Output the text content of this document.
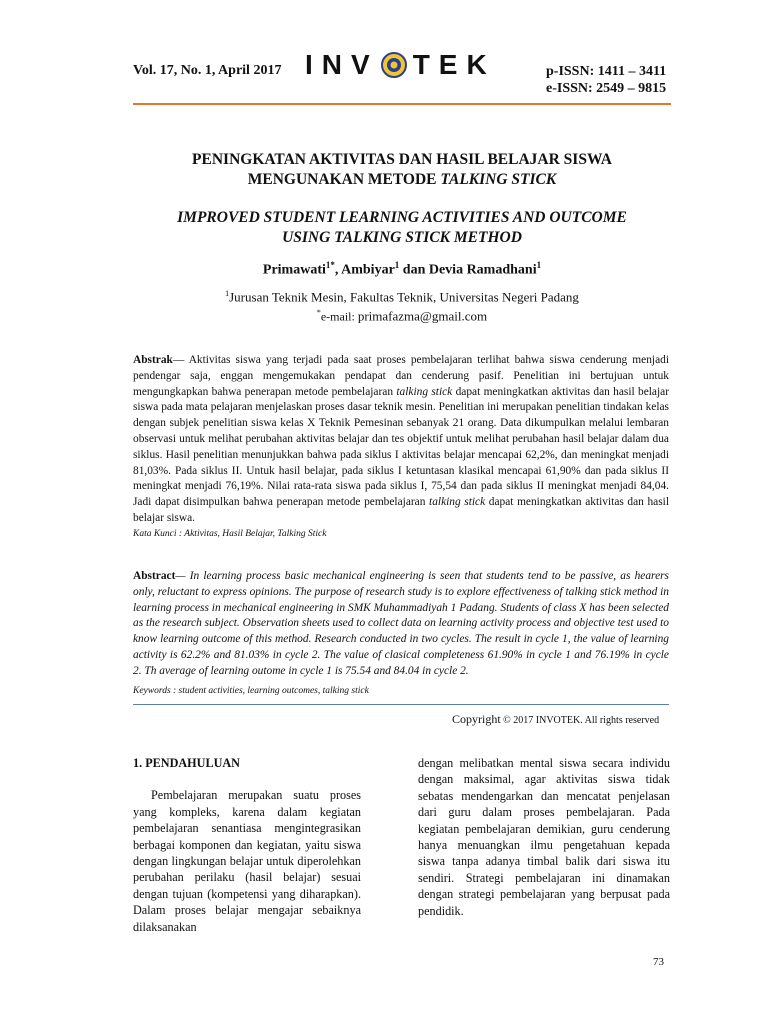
Vol. 17, No. 1, April 2017 INV TEK	p-ISSN: 1411 – 3411
e-ISSN: 2549 – 9815
PENINGKATAN AKTIVITAS DAN HASIL BELAJAR SISWA
MENGUNAKAN METODE TALKING STICK
IMPROVED STUDENT LEARNING ACTIVITIES AND OUTCOME
USING TALKING STICK METHOD
Primawati$^{1*}$, Ambiyar$^1$ dan Devia Ramadhani$^1$
$^1$Jurusan Teknik Mesin, Fakultas Teknik, Universitas Negeri Padang
*e-mail: primafazma@gmail.com
Abstrak— Aktivitas siswa yang terjadi pada saat proses pembelajaran terlihat bahwa siswa cenderung menjadi pendengar saja, enggan mengemukakan pendapat dan cenderung pasif. Penelitian ini bertujuan untuk mengungkapkan bahwa penerapan metode pembelajaran talking stick dapat meningkatkan aktivitas dan hasil belajar siswa pada mata pelajaran menjelaskan proses dasar teknik mesin. Penelitian ini merupakan penelitian tindakan kelas dengan subjek penelitian siswa kelas X Teknik Pemesinan sebanyak 21 orang. Data dikumpulkan melalui lembaran observasi untuk melihat perubahan aktivitas belajar dan tes objektif untuk melihat perubahan hasil belajar dalam dua siklus. Hasil penelitian menunjukkan bahwa pada siklus I aktivitas belajar mencapai 62,2%, dan meningkat menjadi 81,03%. Pada siklus II. Untuk hasil belajar, pada siklus I ketuntasan klasikal mencapai 61,90% dan pada siklus II meningkat menjadi 76,19%. Nilai rata-rata siswa pada siklus I, 75,54 dan pada siklus II meningkat menjadi 84,04. Jadi dapat disimpulkan bahwa penerapan metode pembelajaran talking stick dapat meningkatkan aktivitas dan hasil belajar siswa.
Kata Kunci : Aktivitas, Hasil Belajar, Talking Stick
Abstract— In learning process basic mechanical engineering is seen that students tend to be passive, as hearers only, reluctant to express opinions. The purpose of research study is to explore effectiveness of talking stick method in learning process in mechanical engineering in SMK Muhammadiyah 1 Padang. Students of class X has been selected as the research subject. Observation sheets used to collect data on learning activity process and objective test used to know learning outcome of this method. Research conducted in two cycles. The result in cycle 1, the value of learning activity is 62.2% and 81.03% in cycle 2. The value of clasical completeness 61.90% in cycle 1 and 76.19% in cycle 2. Th average of learning outome in cycle 1 is 75.54 and 84.04 in cycle 2.
Keywords : student activities, learning outcomes, talking stick
Copyright © 2017 INVOTEK. All rights reserved
1. PENDAHULUAN
Pembelajaran merupakan suatu proses yang kompleks, karena dalam kegiatan pembelajaran senantiasa mengintegrasikan berbagai komponen dan kegiatan, yaitu siswa dengan lingkungan belajar untuk diperolehkan perubahan perilaku (hasil belajar) sesuai dengan tujuan (kompetensi yang diharapkan). Dalam proses belajar mengajar sebaiknya dilaksanakan
dengan melibatkan mental siswa secara individu dengan maksimal, agar aktivitas siswa tidak sebatas mendengarkan dan mencatat penjelasan dari guru dalam proses pembelajaran. Pada kegiatan pembelajaran demikian, guru cenderung hanya menuangkan ilmu pengetahuan kepada siswa tanpa adanya timbal balik dari siswa itu sendiri. Strategi pembelajaran ini dinamakan dengan strategi pembelajaran yang berpusat pada pendidik.
73
